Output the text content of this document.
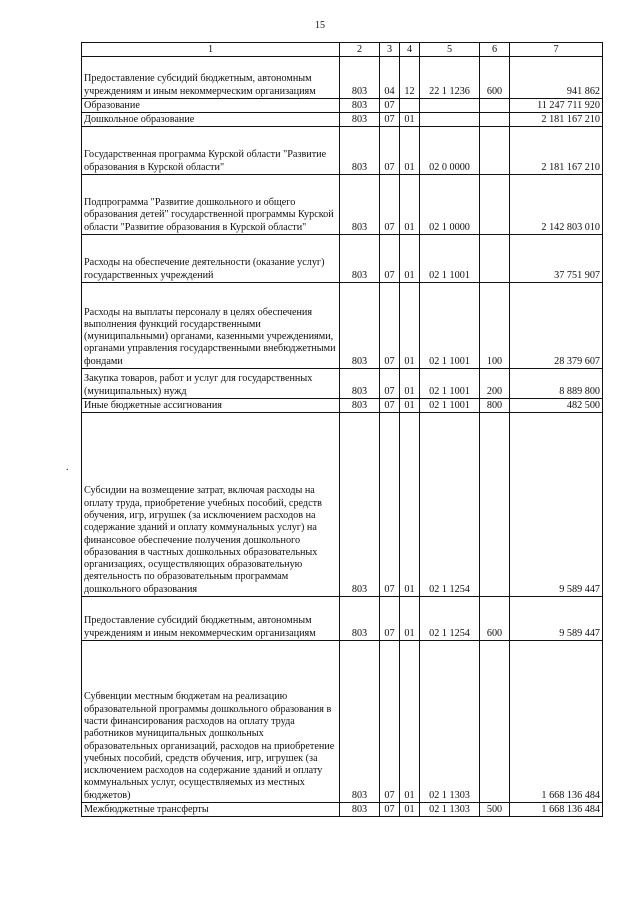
15
.
1	2	3	4	5	6	7
Предоставление субсидий бюджетным, автономным учреждениям и иным некоммерческим организациям	803	04	12	22 1 1236	600	941 862
Образование	803	07				11 247 711 920
Дошкольное образование	803	07	01			2 181 167 210
Государственная программа Курской области "Развитие образования в Курской области"	803	07	01	02 0 0000		2 181 167 210
Подпрограмма "Развитие дошкольного и общего образования детей" государственной программы Курской области "Развитие образования в Курской области"	803	07	01	02 1 0000		2 142 803 010
Расходы на обеспечение деятельности (оказание услуг) государственных учреждений	803	07	01	02 1 1001		37 751 907
Расходы на выплаты персоналу в целях обеспечения выполнения функций государственными (муниципальными) органами, казенными учреждениями, органами управления государственными внебюджетными фондами	803	07	01	02 1 1001	100	28 379 607
Закупка товаров, работ и услуг для государственных (муниципальных) нужд	803	07	01	02 1 1001	200	8 889 800
Иные бюджетные ассигнования	803	07	01	02 1 1001	800	482 500
Субсидии на возмещение затрат, включая расходы на оплату труда, приобретение учебных пособий, средств обучения, игр, игрушек (за исключением расходов на содержание зданий и оплату коммунальных услуг) на финансовое обеспечение получения дошкольного образования в частных дошкольных образовательных организациях, осуществляющих образовательную деятельность по образовательным программам дошкольного образования	803	07	01	02 1 1254		9 589 447
Предоставление субсидий бюджетным, автономным учреждениям и иным некоммерческим организациям	803	07	01	02 1 1254	600	9 589 447
Субвенции местным бюджетам на реализацию образовательной программы дошкольного образования в части финансирования расходов на оплату труда работников муниципальных дошкольных образовательных организаций, расходов на приобретение учебных пособий, средств обучения, игр, игрушек (за исключением расходов на содержание зданий и оплату коммунальных услуг, осуществляемых из местных бюджетов)	803	07	01	02 1 1303		1 668 136 484
Межбюджетные трансферты	803	07	01	02 1 1303	500	1 668 136 484
